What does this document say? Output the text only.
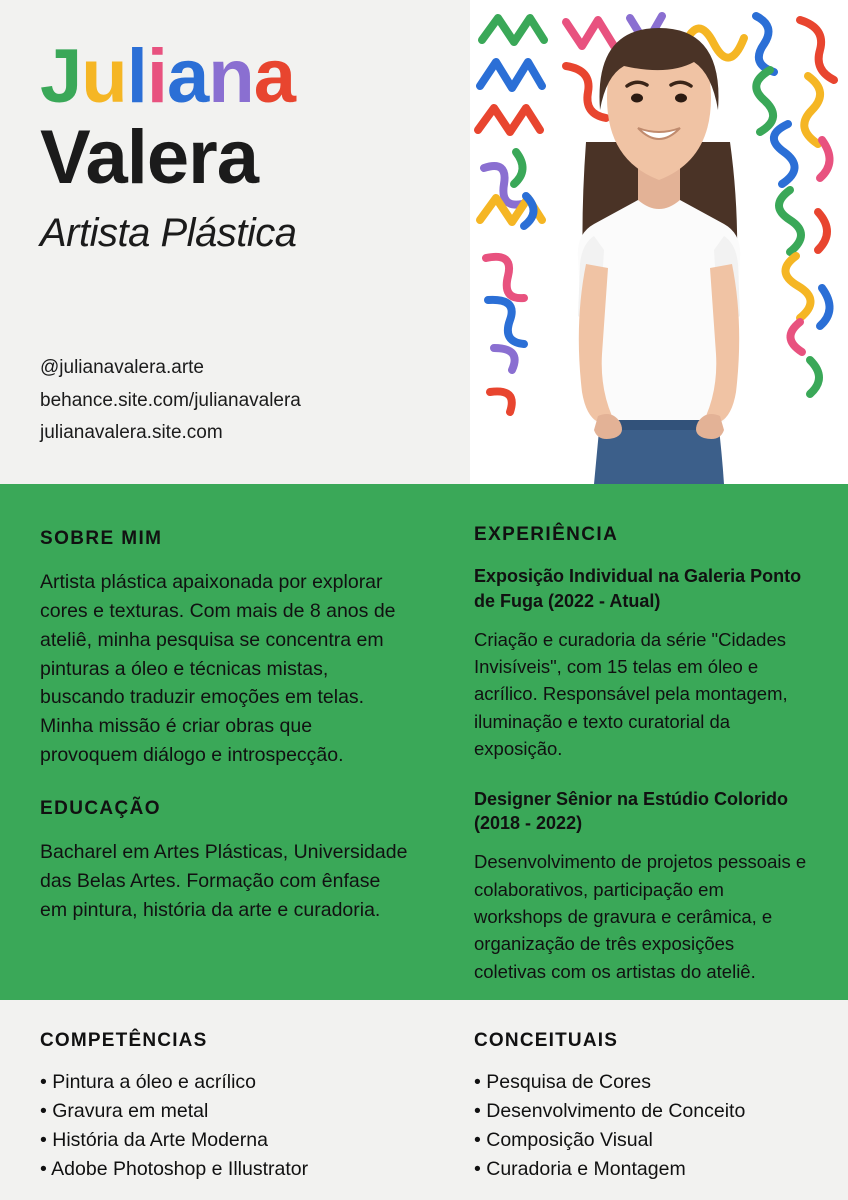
Juliana
Valera
Artista Plástica
@julianavalera.arte
behance.site.com/julianavalera
julianavalera.site.com
SOBRE MIM
Artista plástica apaixonada por explorar cores e texturas. Com mais de 8 anos de ateliê, minha pesquisa se concentra em pinturas a óleo e técnicas mistas, buscando traduzir emoções em telas. Minha missão é criar obras que provoquem diálogo e introspecção.
EDUCAÇÃO
Bacharel em Artes Plásticas, Universidade das Belas Artes. Formação com ênfase em pintura, história da arte e curadoria.
EXPERIÊNCIA
Exposição Individual na Galeria Ponto de Fuga (2022 - Atual)
Criação e curadoria da série "Cidades Invisíveis", com 15 telas em óleo e acrílico. Responsável pela montagem, iluminação e texto curatorial da exposição.
Designer Sênior na Estúdio Colorido (2018 - 2022)
Desenvolvimento de projetos pessoais e colaborativos, participação em workshops de gravura e cerâmica, e organização de três exposições coletivas com os artistas do ateliê.
COMPETÊNCIAS
• Pintura a óleo e acrílico
• Gravura em metal
• História da Arte Moderna
• Adobe Photoshop e Illustrator
CONCEITUAIS
• Pesquisa de Cores
• Desenvolvimento de Conceito
• Composição Visual
• Curadoria e Montagem
